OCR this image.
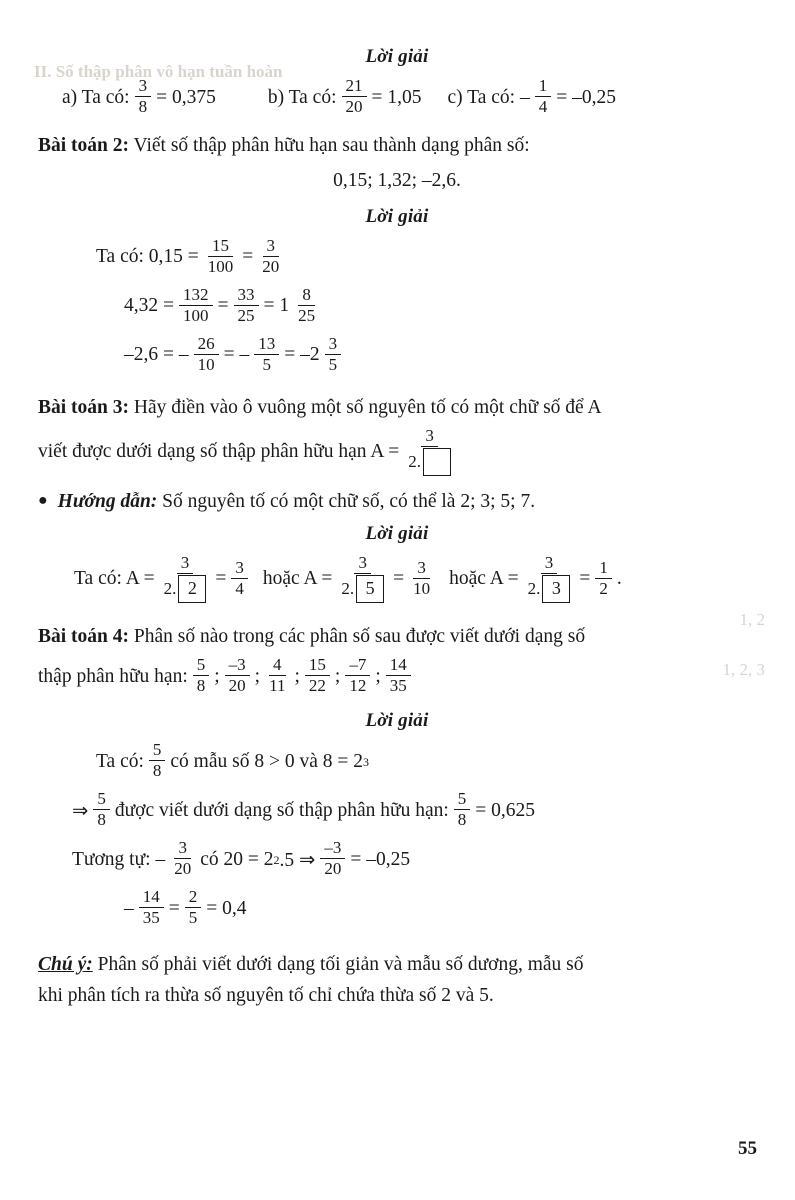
II. Số thập phân vô hạn tuần hoàn
1, 2
1, 2, 3
Lời giải
a) Ta có: $\frac{3}{8} = 0,375$	b) Ta có: $\frac{21}{20} = 1,05$ c) Ta có: – $\frac{1}{4} = -0,25$
Bài toán 2: Viết số thập phân hữu hạn sau thành dạng phân số:
0,15; 1,32; –2,6.
Lời giải
Ta có: $0,15 = \frac{15}{100} = \frac{3}{20}$
$4,32 = \frac{132}{100} = \frac{33}{25} = 1 \frac{8}{25}$
–2,6 = – $\frac{26}{10}$ = – $\frac{13}{5} = -2 \frac{3}{5}$
Bài toán 3: Hãy điền vào ô vuông một số nguyên tố có một chữ số để A
viết được dưới dạng số thập phân hữu hạn $A = \frac{3}{2.}$
● Hướng dẫn: Số nguyên tố có một chữ số, có thể là 2; 3; 5; 7.
Lời giải
Ta có: $A = \frac{3}{2. 2} = \frac{3}{4}$ hoặc $A = \frac{3}{2. 5} = \frac{3}{10}$ hoặc $A = \frac{3}{2. 3} = \frac{1}{2}$ .
Bài toán 4: Phân số nào trong các phân số sau được viết dưới dạng số
thập phân hữu hạn: $\frac{5}{8}$ ; $\frac{-3}{20}$ ; $\frac{4}{11}$ ; $\frac{15}{22}$ ; $\frac{-7}{12}$ ; $\frac{14}{35}$
Lời giải
Ta có: $\frac{5}{8}$ có mẫu số 8 > 0 và 8 = 2 3
⇒ $\frac{5}{8}$ được viết dưới dạng số thập phân hữu hạn: $\frac{5}{8} = 0,625$
Tương tự: – $\frac{3}{20}$ có 20 = 2 2 .5 ⇒ $\frac{-3}{20} = -0,25$
– $\frac{14}{35} = \frac{2}{5} = 0,4$
Chú ý: Phân số phải viết dưới dạng tối giản và mẫu số dương, mẫu số
khi phân tích ra thừa số nguyên tố chỉ chứa thừa số 2 và 5.
55
